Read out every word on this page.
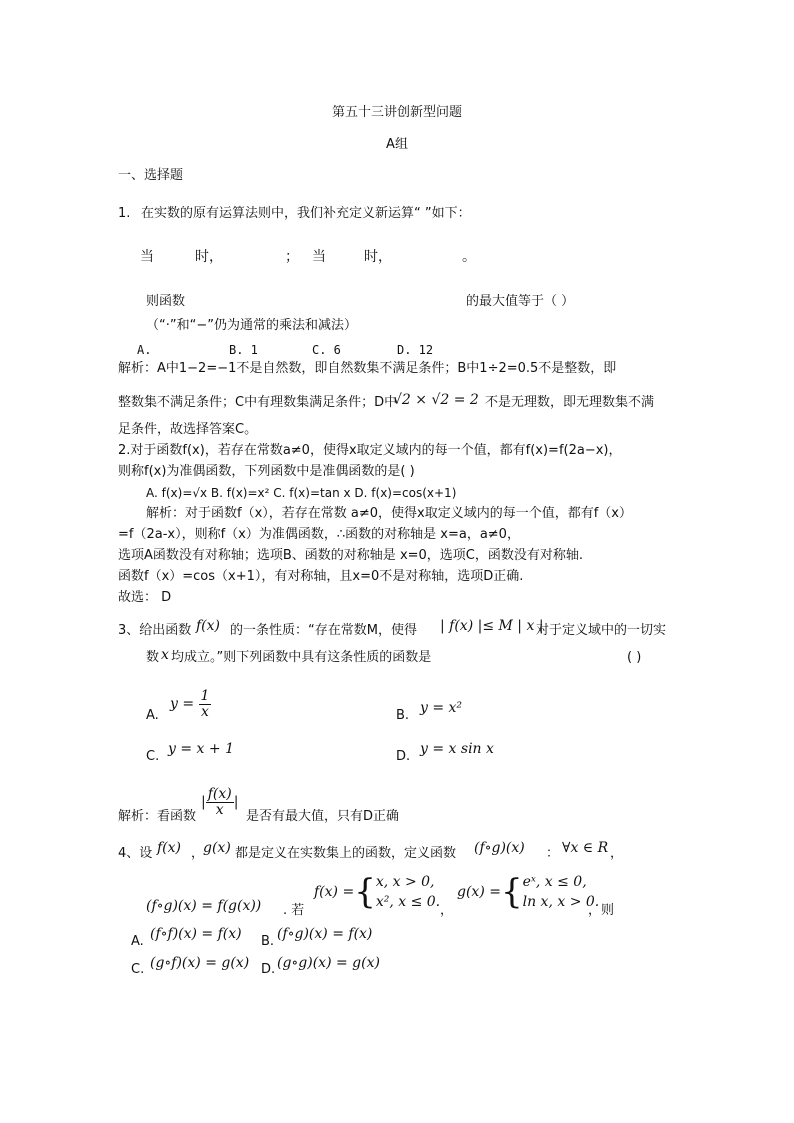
第五十三讲创新型问题
A组
一、选择题
1. 在实数的原有运算法则中，我们补充定义新运算“ ”如下：
当	时，	； 当	时，	。
则函数	的最大值等于（ ）
（“·”和“−”仍为通常的乘法和减法）
A.	B. 1	C. 6	D. 12
解析：A中1−2=−1不是自然数，即自然数集不满足条件；B中1÷2=0.5不是整数，即
整数集不满足条件；C中有理数集满足条件；D中
√2 × √2 = 2 不是无理数，即无理数集不满
足条件，故选择答案C。
2.对于函数f(x)，若存在常数a≠0，使得x取定义域内的每一个值，都有f(x)=f(2a−x)，
则称f(x)为准偶函数，下列函数中是准偶函数的是( )
A. f(x)=√x B. f(x)=x² C. f(x)=tan x D. f(x)=cos(x+1)
解析：对于函数f（x），若存在常数 a≠0，使得x取定义域内的每一个值，都有f（x）
=f（2a-x），则称f（x）为准偶函数，∴函数的对称轴是 x=a，a≠0，
选项A函数没有对称轴；选项B、函数的对称轴是 x=0，选项C，函数没有对称轴.
函数f（x）=cos（x+1），有对称轴，且x=0不是对称轴，选项D正确.
故选： D
3、给出函数 f(x) 的一条性质：“存在常数M，使得 | f(x) |≤ M | x |
对于定义域中的一切实
数 x 均成立。”则下列函数中具有这条性质的函数是	( )
A.
y =
$\frac{1}{x}$	B. y = x²
C. y = x + 1	D. y = x sin x
解析：看函数
| $\frac{f(x)}{x}$ |
是否有最大值，只有D正确
4、设 f(x) ，
g(x) 都是定义在实数集上的函数，定义函数 (f∘g)(x) ： ∀x ∈ R ，
(f∘g)(x) = f(g(x)) . 若
f(x) = { x, x > 0,
x², x ≤ 0.
，
g(x) = { eˣ, x ≤ 0,
ln x, x > 0.
，则
A. (f∘f)(x) = f(x) B. (f∘g)(x) = f(x)
C. (g∘f)(x) = g(x) D. (g∘g)(x) = g(x)
